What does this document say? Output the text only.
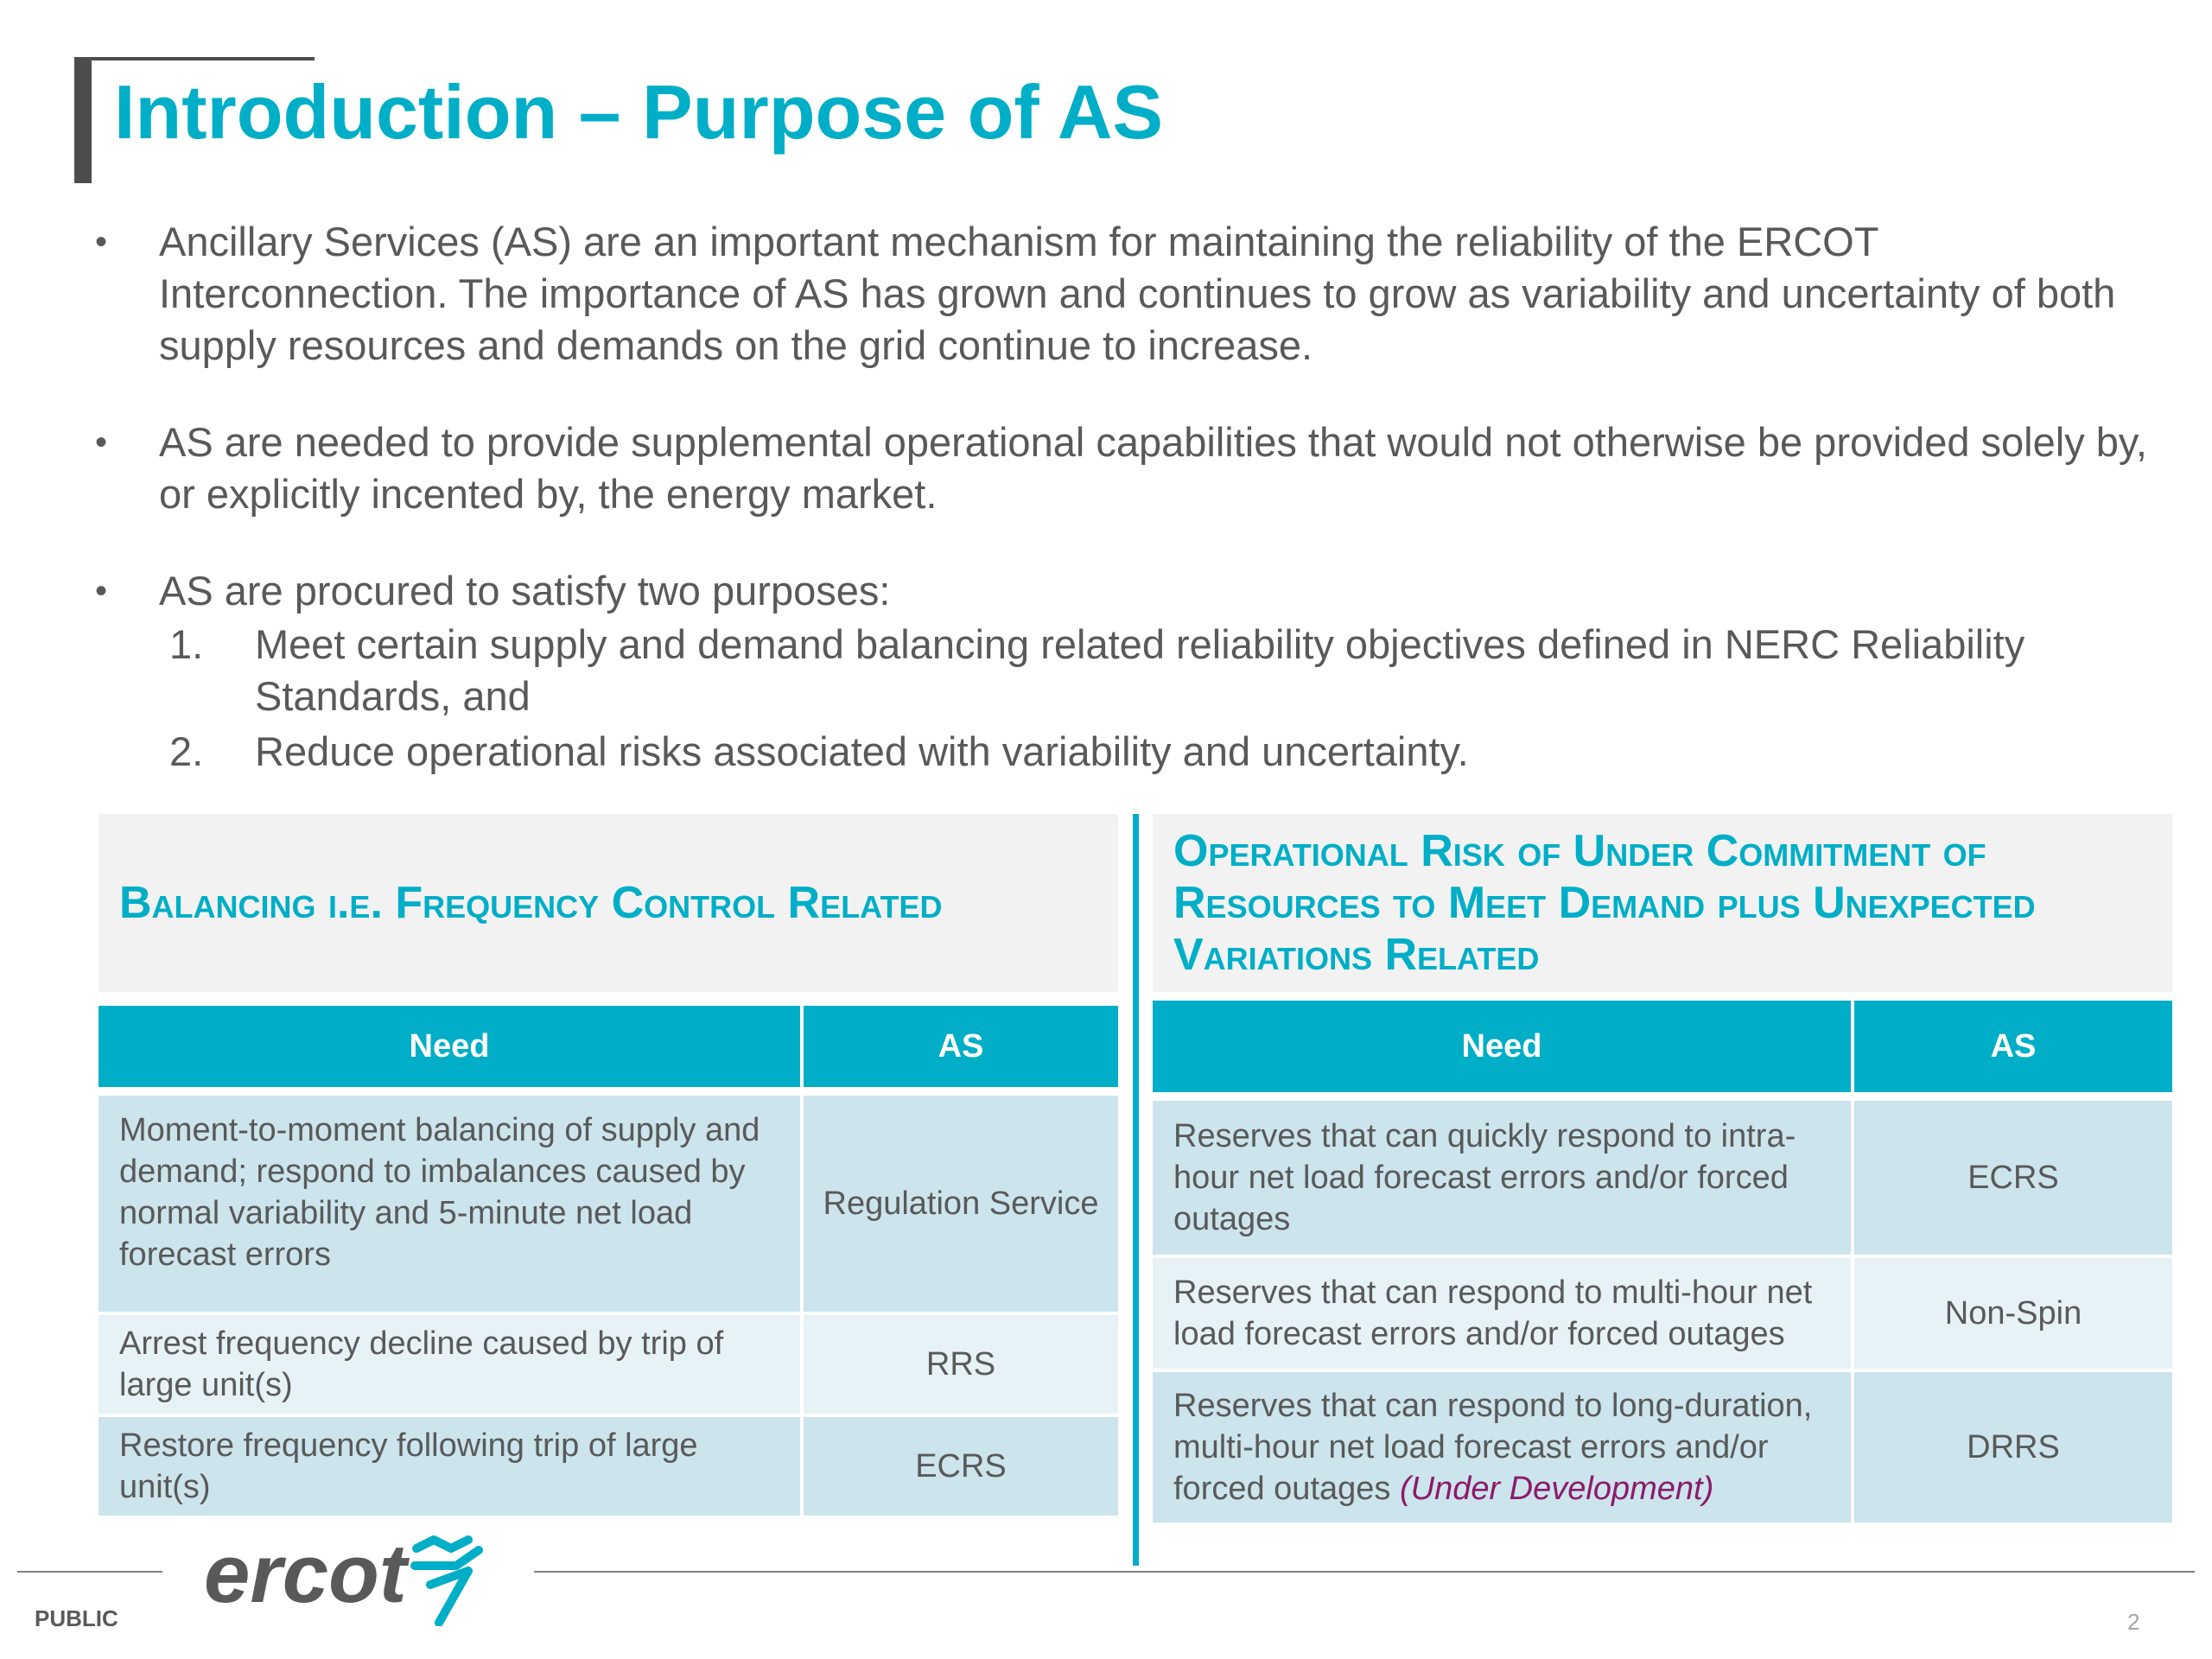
Introduction – Purpose of AS
• Ancillary Services (AS) are an important mechanism for maintaining the reliability of the ERCOT Interconnection. The importance of AS has grown and continues to grow as variability and uncertainty of both supply resources and demands on the grid continue to increase.
• AS are needed to provide supplemental operational capabilities that would not otherwise be provided solely by, or explicitly incented by, the energy market.
• AS are procured to satisfy two purposes:
1. Meet certain supply and demand balancing related reliability objectives defined in NERC Reliability Standards, and
2. Reduce operational risks associated with variability and uncertainty.
Balancing i.e. Frequency Control Related
Need	AS
Moment-to-moment balancing of supply and demand; respond to imbalances caused by normal variability and 5-minute net load forecast errors	Regulation Service
Arrest frequency decline caused by trip of large unit(s)	RRS
Restore frequency following trip of large unit(s)	ECRS
Operational Risk of Under Commitment of Resources to Meet Demand plus Unexpected Variations Related
Need	AS
Reserves that can quickly respond to intra-hour net load forecast errors and/or forced outages	ECRS
Reserves that can respond to multi-hour net load forecast errors and/or forced outages	Non-Spin
Reserves that can respond to long-duration, multi-hour net load forecast errors and/or forced outages (Under Development)	DRRS
ercot
PUBLIC	2
